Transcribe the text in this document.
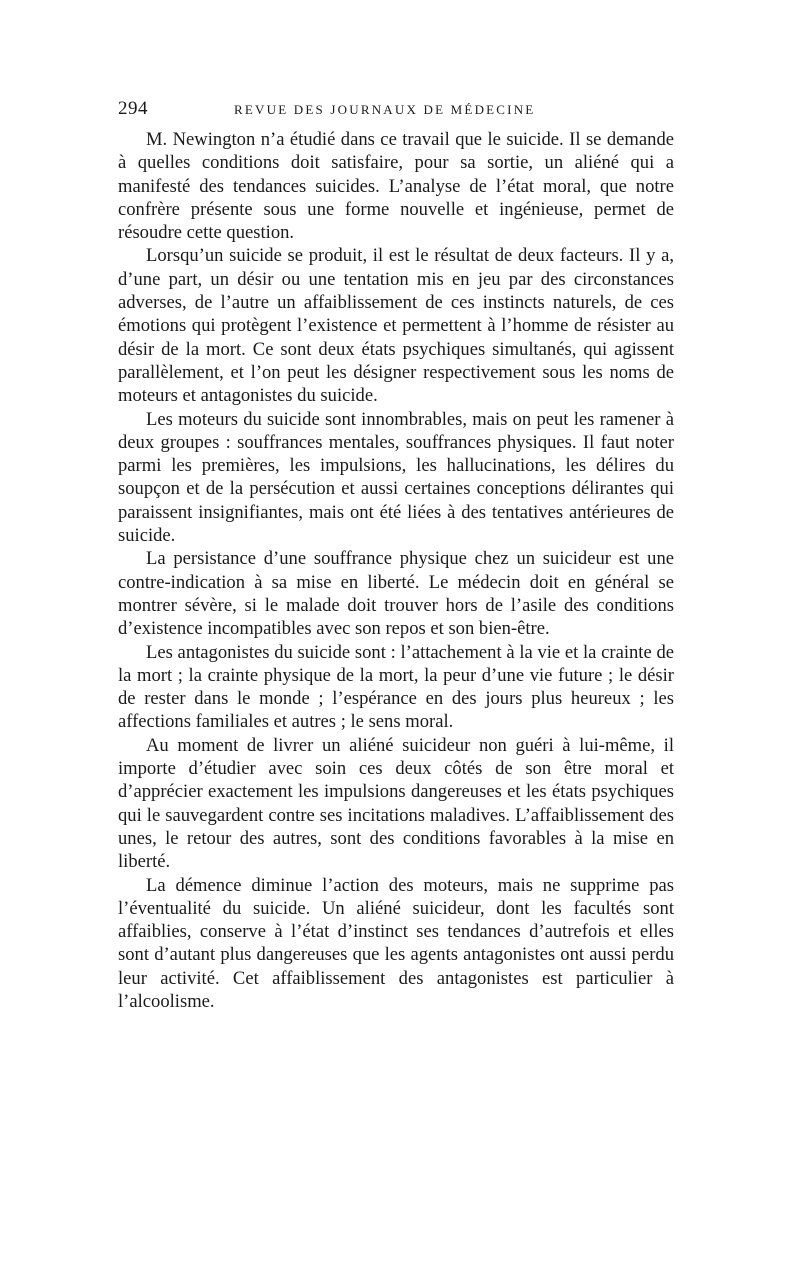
294	REVUE DES JOURNAUX DE MÉDECINE

M. Newington n’a étudié dans ce travail que le suicide. Il se demande à quelles conditions doit satisfaire, pour sa sortie, un aliéné qui a manifesté des tendances suicides. L’analyse de l’état moral, que notre confrère présente sous une forme nouvelle et ingénieuse, permet de résoudre cette question.

Lorsqu’un suicide se produit, il est le résultat de deux facteurs. Il y a, d’une part, un désir ou une tentation mis en jeu par des circonstances adverses, de l’autre un affaiblissement de ces instincts naturels, de ces émotions qui protègent l’existence et permettent à l’homme de résister au désir de la mort. Ce sont deux états psychiques simultanés, qui agissent parallèlement, et l’on peut les désigner respectivement sous les noms de moteurs et antagonistes du suicide.

Les moteurs du suicide sont innombrables, mais on peut les ramener à deux groupes : souffrances mentales, souffrances physiques. Il faut noter parmi les premières, les impulsions, les hallucinations, les délires du soupçon et de la persécution et aussi certaines conceptions délirantes qui paraissent insignifiantes, mais ont été liées à des tentatives antérieures de suicide.

La persistance d’une souffrance physique chez un suicideur est une contre-indication à sa mise en liberté. Le médecin doit en général se montrer sévère, si le malade doit trouver hors de l’asile des conditions d’existence incompatibles avec son repos et son bien-être.

Les antagonistes du suicide sont : l’attachement à la vie et la crainte de la mort ; la crainte physique de la mort, la peur d’une vie future ; le désir de rester dans le monde ; l’espérance en des jours plus heureux ; les affections familiales et autres ; le sens moral.

Au moment de livrer un aliéné suicideur non guéri à lui-même, il importe d’étudier avec soin ces deux côtés de son être moral et d’apprécier exactement les impulsions dangereuses et les états psychiques qui le sauvegardent contre ses incitations maladives. L’affaiblissement des unes, le retour des autres, sont des conditions favorables à la mise en liberté.

La démence diminue l’action des moteurs, mais ne supprime pas l’éventualité du suicide. Un aliéné suicideur, dont les facultés sont affaiblies, conserve à l’état d’instinct ses tendances d’autrefois et elles sont d’autant plus dangereuses que les agents antagonistes ont aussi perdu leur activité. Cet affaiblissement des antagonistes est particulier à l’alcoolisme.
